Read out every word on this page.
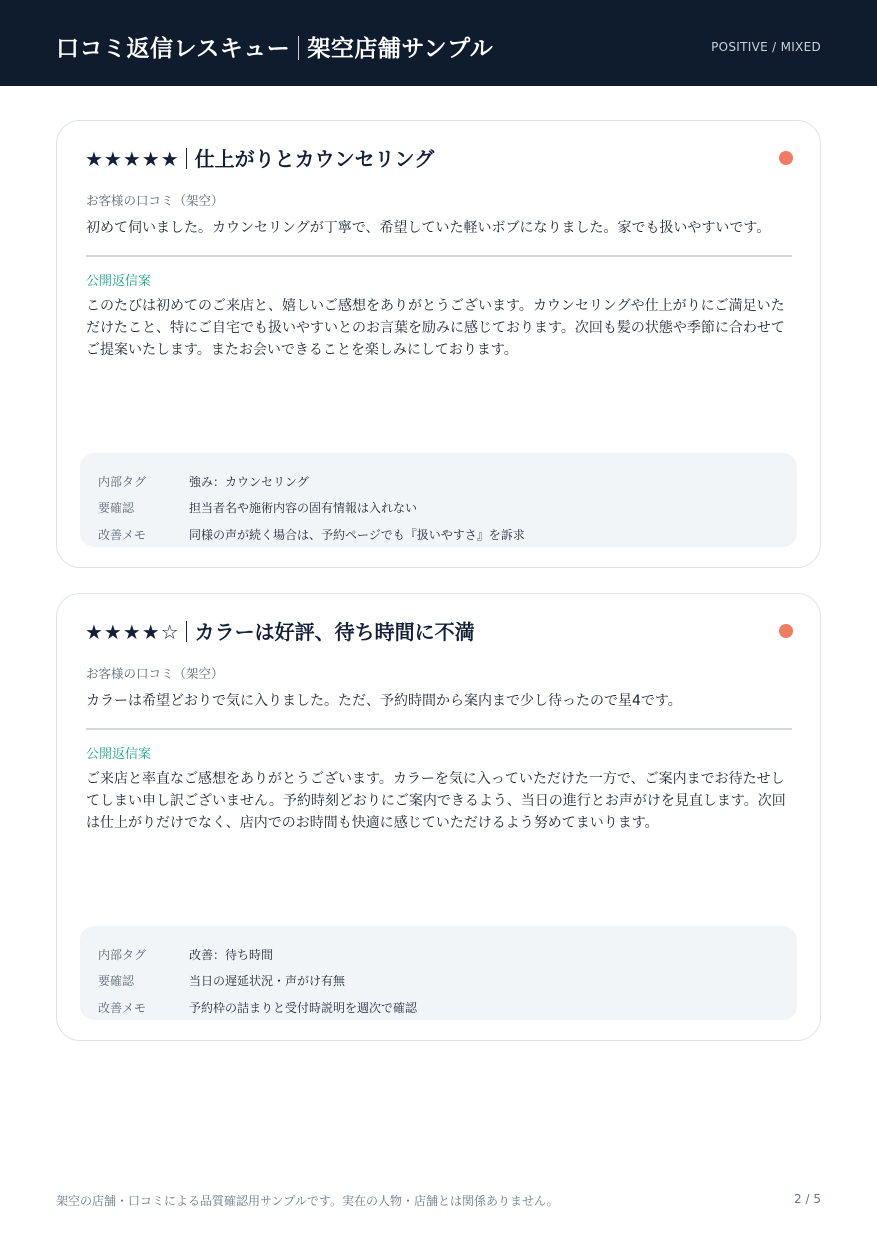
口コミ返信レスキュー 架空店舗サンプル	POSITIVE / MIXED
★★★★★ 仕上がりとカウンセリング
お客様の口コミ（架空）
初めて伺いました。カウンセリングが丁寧で、希望していた軽いボブになりました。家でも扱いやすいです。
公開返信案
このたびは初めてのご来店と、嬉しいご感想をありがとうございます。カウンセリングや仕上がりにご満足いた
だけたこと、特にご自宅でも扱いやすいとのお言葉を励みに感じております。次回も髪の状態や季節に合わせて
ご提案いたします。またお会いできることを楽しみにしております。
内部タグ	強み：カウンセリング
要確認	担当者名や施術内容の固有情報は入れない
改善メモ	同様の声が続く場合は、予約ページでも『扱いやすさ』を訴求
★★★★☆ カラーは好評、待ち時間に不満
お客様の口コミ（架空）
カラーは希望どおりで気に入りました。ただ、予約時間から案内まで少し待ったので星4です。
公開返信案
ご来店と率直なご感想をありがとうございます。カラーを気に入っていただけた一方で、ご案内までお待たせし
てしまい申し訳ございません。予約時刻どおりにご案内できるよう、当日の進行とお声がけを見直します。次回
は仕上がりだけでなく、店内でのお時間も快適に感じていただけるよう努めてまいります。
内部タグ	改善：待ち時間
要確認	当日の遅延状況・声がけ有無
改善メモ	予約枠の詰まりと受付時説明を週次で確認
架空の店舗・口コミによる品質確認用サンプルです。実在の人物・店舗とは関係ありません。	2 / 5
